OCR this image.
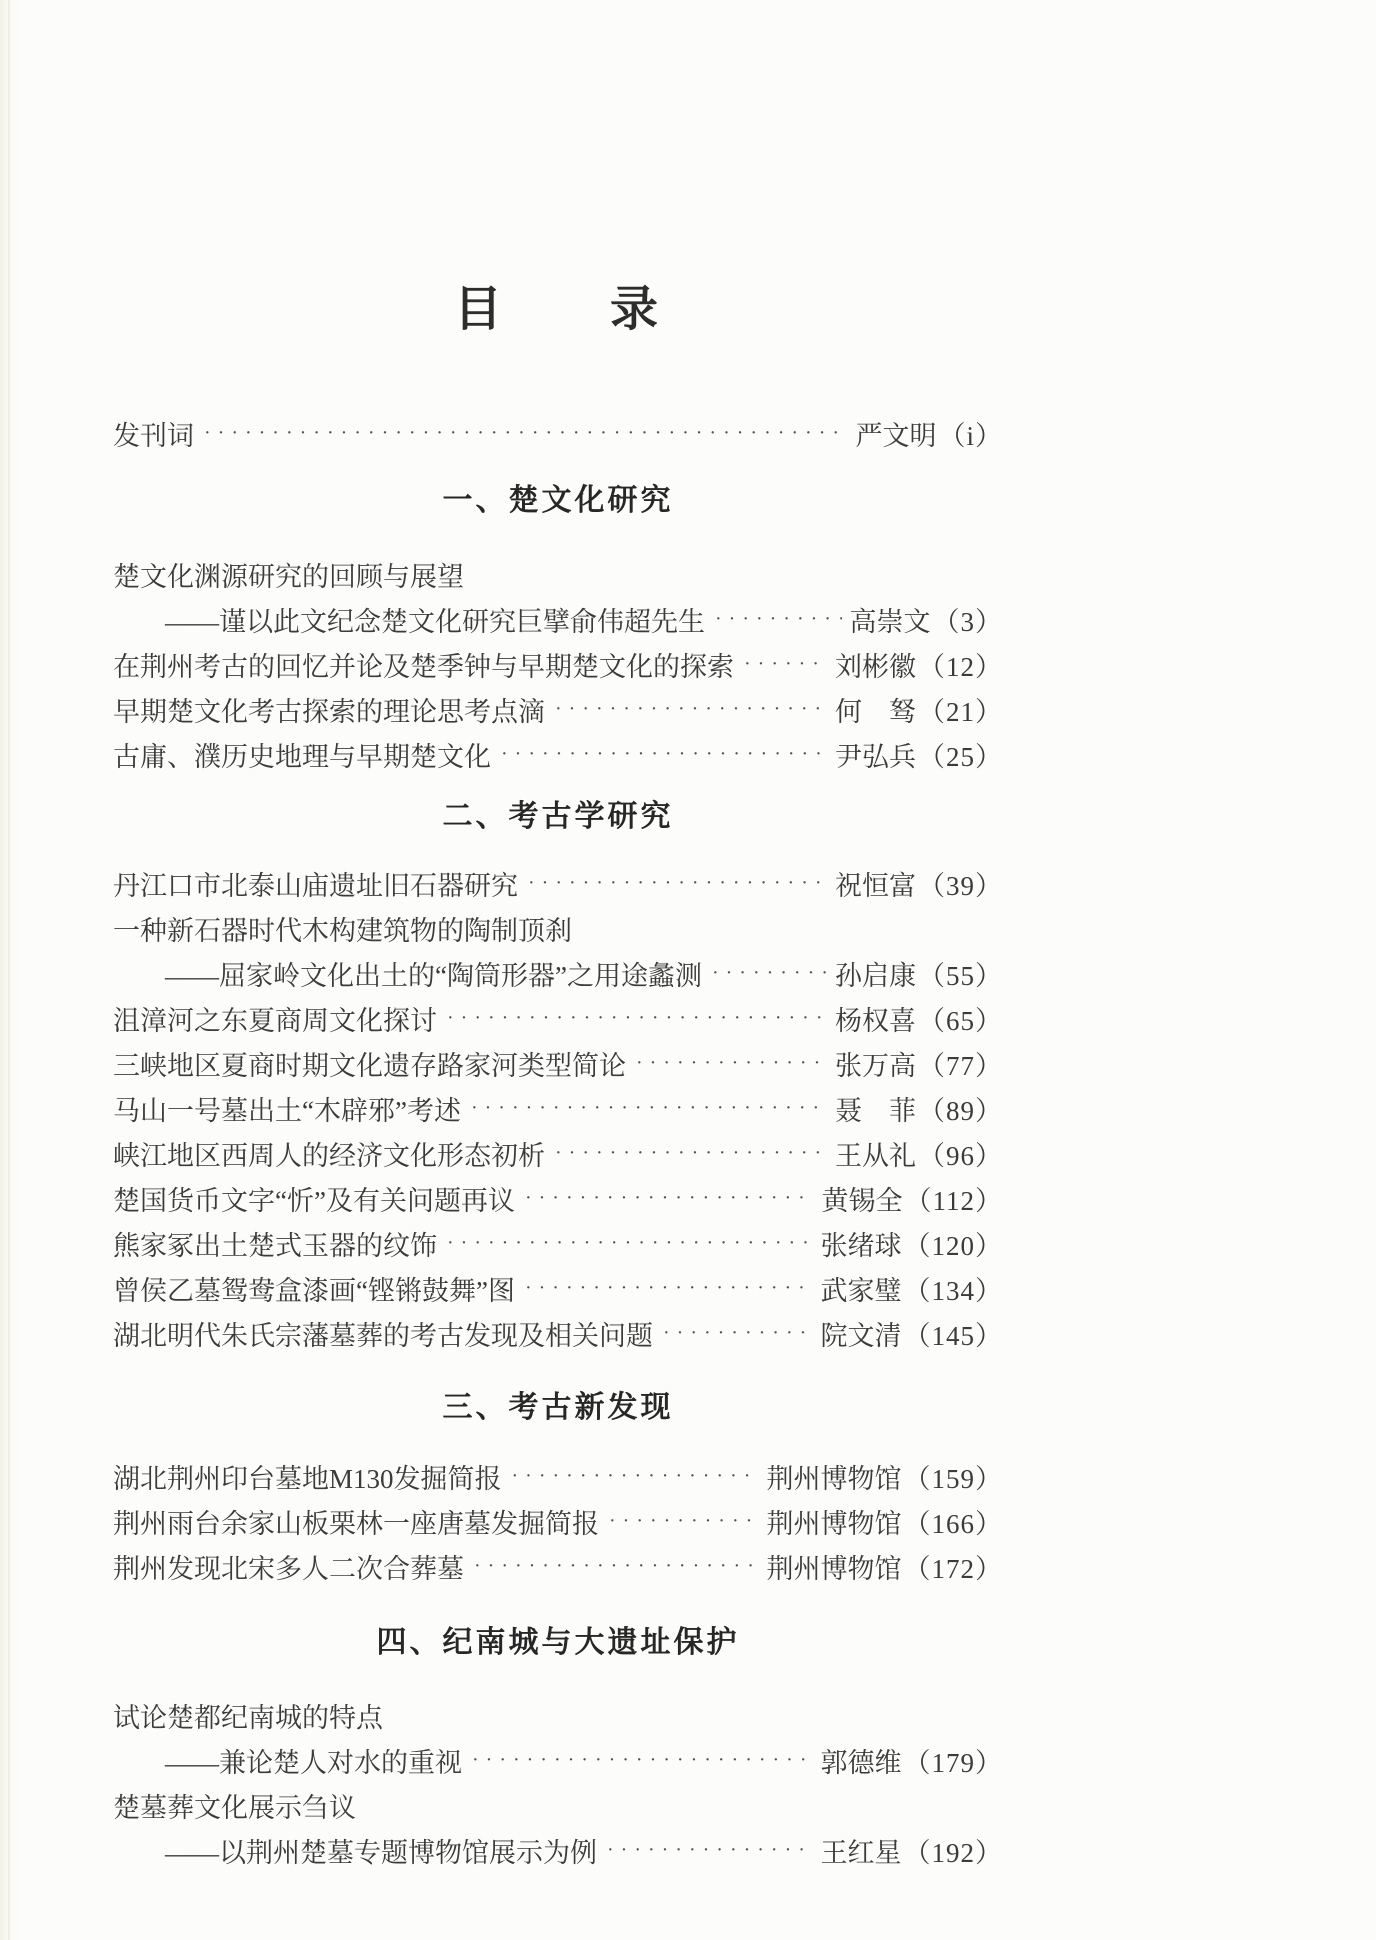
目　　录
发刊词 ·····	严文明 （i）
一、楚文化研究
楚文化渊源研究的回顾与展望
——谨以此文纪念楚文化研究巨擘俞伟超先生 ·····	高崇文 （3）
在荆州考古的回忆并论及楚季钟与早期楚文化的探索 ·····	刘彬徽 （12）
早期楚文化考古探索的理论思考点滴 ·····	何　驽 （21）
古庸、濮历史地理与早期楚文化 ·····	尹弘兵 （25）
二、考古学研究
丹江口市北泰山庙遗址旧石器研究 ·····	祝恒富 （39）
一种新石器时代木构建筑物的陶制顶刹
——屈家岭文化出土的“陶筒形器”之用途蠡测 ·····	孙启康 （55）
沮漳河之东夏商周文化探讨 ·····	杨权喜 （65）
三峡地区夏商时期文化遗存路家河类型简论 ·····	张万高 （77）
马山一号墓出土“木辟邪”考述 ·····	聂　菲 （89）
峡江地区西周人的经济文化形态初析 ·····	王从礼 （96）
楚国货币文字“忻”及有关问题再议 ·····	黄锡全 （112）
熊家冢出土楚式玉器的纹饰 ·····	张绪球 （120）
曾侯乙墓鸳鸯盒漆画“铿锵鼓舞”图 ·····	武家璧 （134）
湖北明代朱氏宗藩墓葬的考古发现及相关问题 ·····	院文清 （145）
三、考古新发现
湖北荆州印台墓地M130发掘简报 ·····	荆州博物馆 （159）
荆州雨台余家山板栗林一座唐墓发掘简报 ·····	荆州博物馆 （166）
荆州发现北宋多人二次合葬墓 ·····	荆州博物馆 （172）
四、纪南城与大遗址保护
试论楚都纪南城的特点
——兼论楚人对水的重视 ·····	郭德维 （179）
楚墓葬文化展示刍议
——以荆州楚墓专题博物馆展示为例 ·····	王红星 （192）
